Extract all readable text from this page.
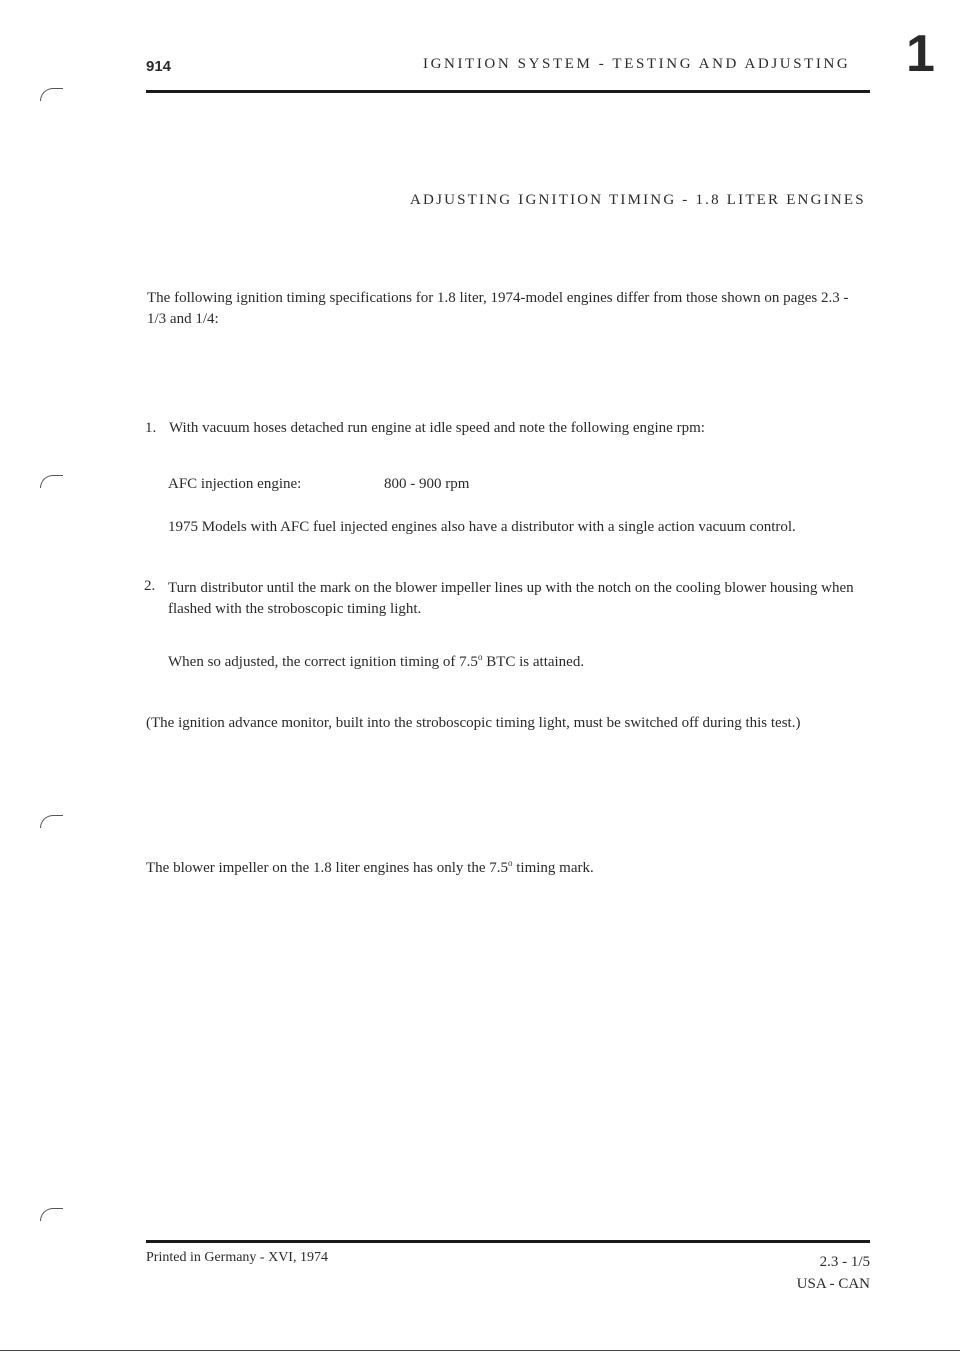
914	IGNITION SYSTEM - TESTING AND ADJUSTING 1
ADJUSTING IGNITION TIMING - 1.8 LITER ENGINES
The following ignition timing specifications for 1.8 liter, 1974-model engines differ from those shown on pages 2.3 - 1/3 and 1/4:
1. With vacuum hoses detached run engine at idle speed and note the following engine rpm:
AFC injection engine:	800 - 900 rpm
1975 Models with AFC fuel injected engines also have a distributor with a single action vacuum control.
2. Turn distributor until the mark on the blower impeller lines up with the notch on the cooling blower housing when flashed with the stroboscopic timing light.
When so adjusted, the correct ignition timing of 7.5$^o$ BTC is attained.
(The ignition advance monitor, built into the stroboscopic timing light, must be switched off during this test.)
The blower impeller on the 1.8 liter engines has only the 7.5$^o$ timing mark.
Printed in Germany - XVI, 1974	2.3 - 1/5
USA - CAN
